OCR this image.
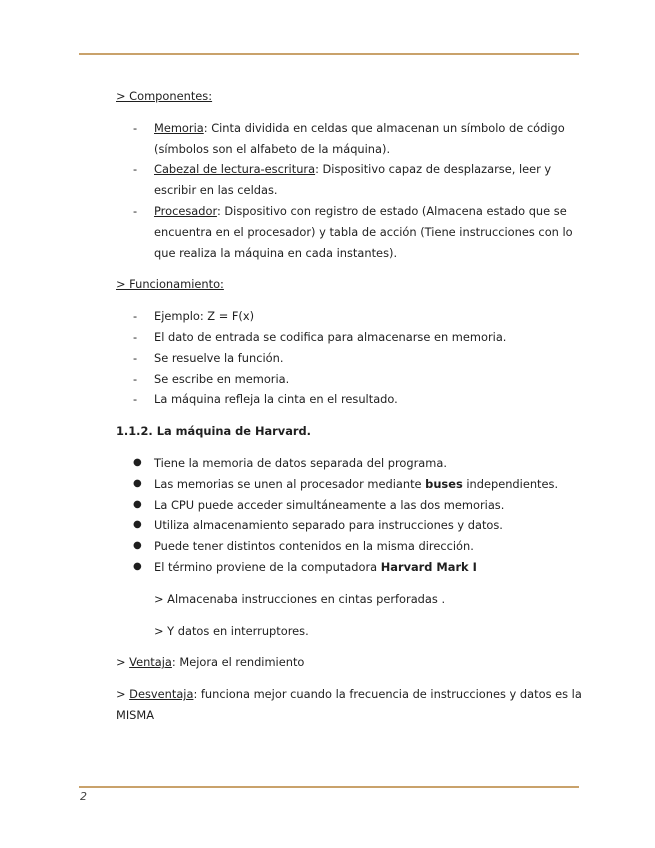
> Componentes:

- Memoria: Cinta dividida en celdas que almacenan un símbolo de código (símbolos son el alfabeto de la máquina).
- Cabezal de lectura-escritura: Dispositivo capaz de desplazarse, leer y escribir en las celdas.
- Procesador: Dispositivo con registro de estado (Almacena estado que se encuentra en el procesador) y tabla de acción (Tiene instrucciones con lo que realiza la máquina en cada instantes).

> Funcionamiento:

- Ejemplo: Z = F(x)
- El dato de entrada se codifica para almacenarse en memoria.
- Se resuelve la función.
- Se escribe en memoria.
- La máquina refleja la cinta en el resultado.

1.1.2. La máquina de Harvard.

● Tiene la memoria de datos separada del programa.
● Las memorias se unen al procesador mediante buses independientes.
● La CPU puede acceder simultáneamente a las dos memorias.
● Utiliza almacenamiento separado para instrucciones y datos.
● Puede tener distintos contenidos en la misma dirección.
● El término proviene de la computadora Harvard Mark I

> Almacenaba instrucciones en cintas perforadas .

> Y datos en interruptores.

> Ventaja: Mejora el rendimiento

> Desventaja: funciona mejor cuando la frecuencia de instrucciones y datos es la MISMA

2
